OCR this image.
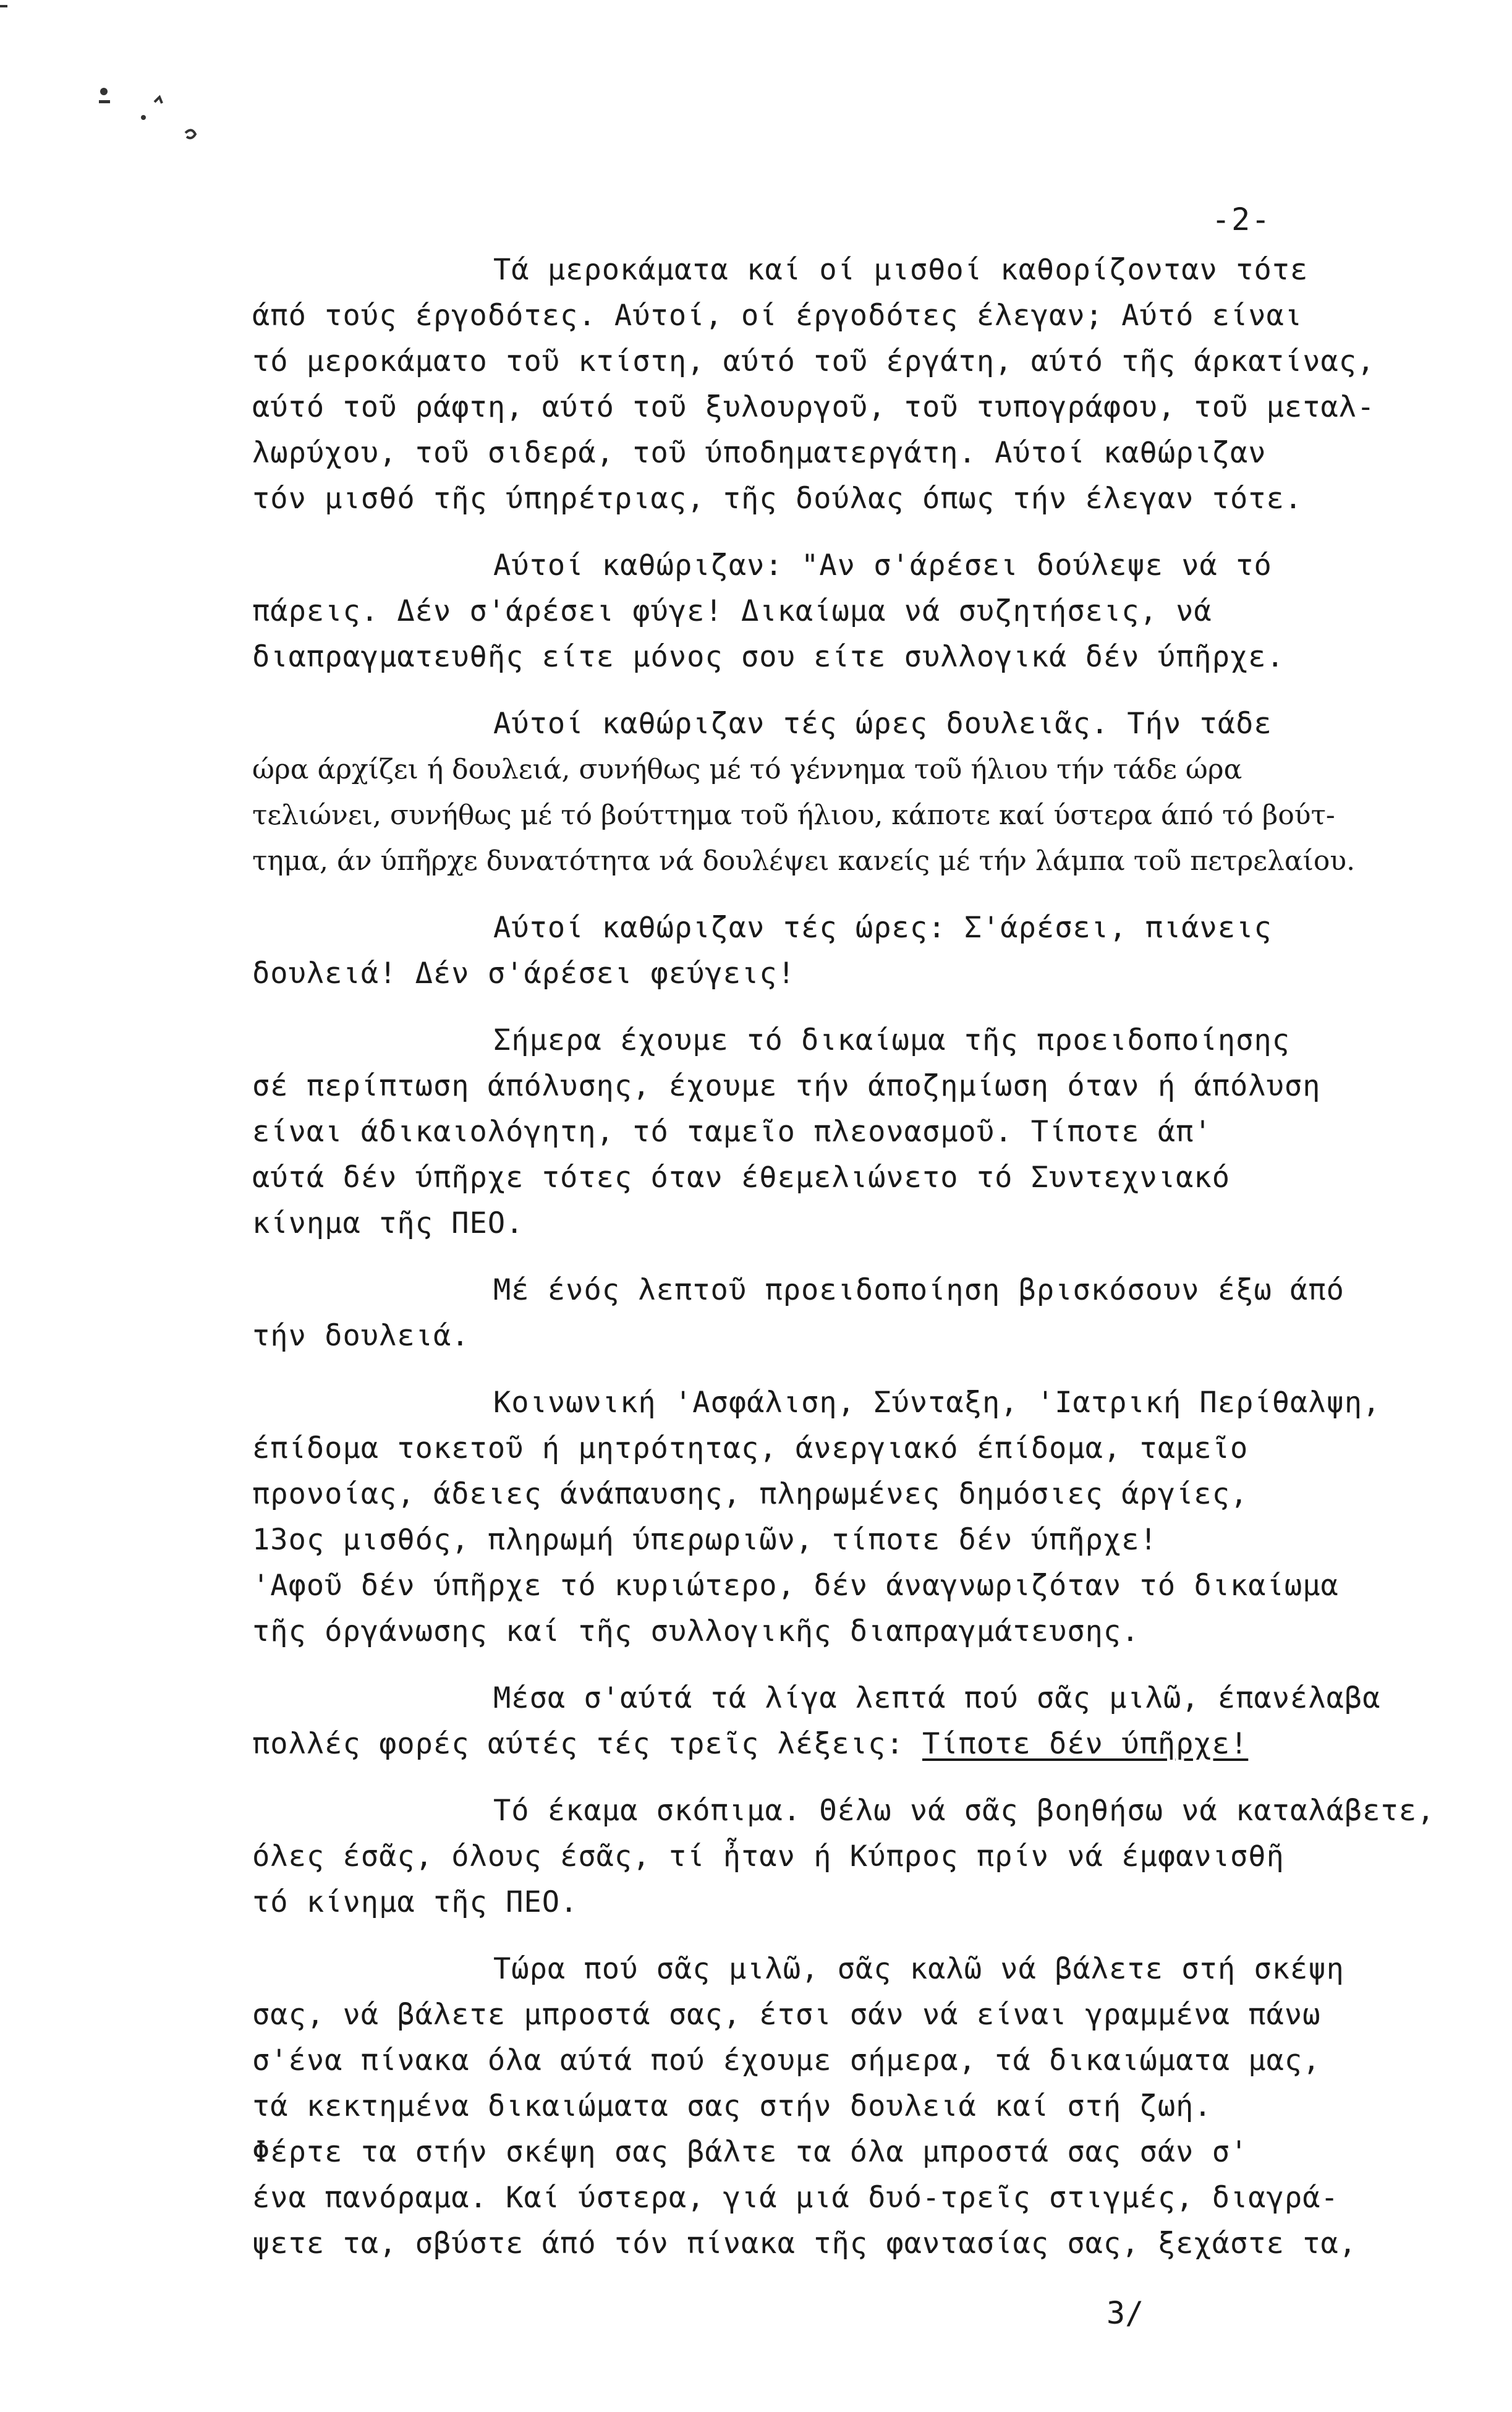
-2-
Τά μεροκάματα καί οί μισθοί καθορίζονταν τότε
άπό τούς έργοδότες. Αύτοί, οί έργοδότες έλεγαν; Αύτό είναι
τό μεροκάματο τοῦ κτίστη, αύτό τοῦ έργάτη, αύτό τῆς άρκατίνας,
αύτό τοῦ ράφτη, αύτό τοῦ ξυλουργοῦ, τοῦ τυπογράφου, τοῦ μεταλ-
λωρύχου, τοῦ σιδερά, τοῦ ύποδηματεργάτη. Αύτοί καθώριζαν
τόν μισθό τῆς ύπηρέτριας, τῆς δούλας όπως τήν έλεγαν τότε.
Αύτοί καθώριζαν: "Αν σ'άρέσει δούλεψε νά τό
πάρεις. Δέν σ'άρέσει φύγε! Δικαίωμα νά συζητήσεις, νά
διαπραγματευθῆς είτε μόνος σου είτε συλλογικά δέν ύπῆρχε.
Αύτοί καθώριζαν τές ώρες δουλειᾶς. Τήν τάδε
ώρα άρχίζει ή δουλειά, συνήθως μέ τό γέννημα τοῦ ήλιου τήν τάδε ώρα
τελιώνει, συνήθως μέ τό βούττημα τοῦ ήλιου, κάποτε καί ύστερα άπό τό βούτ-
τημα, άν ύπῆρχε δυνατότητα νά δουλέψει κανείς μέ τήν λάμπα τοῦ πετρελαίου.
Αύτοί καθώριζαν τές ώρες: Σ'άρέσει, πιάνεις
δουλειά! Δέν σ'άρέσει φεύγεις!
Σήμερα έχουμε τό δικαίωμα τῆς προειδοποίησης
σέ περίπτωση άπόλυσης, έχουμε τήν άποζημίωση όταν ή άπόλυση
είναι άδικαιολόγητη, τό ταμεῖο πλεονασμοῦ. Τίποτε άπ'
αύτά δέν ύπῆρχε τότες όταν έθεμελιώνετο τό Συντεχνιακό
κίνημα τῆς ΠΕΟ.
Μέ ένός λεπτοῦ προειδοποίηση βρισκόσουν έξω άπό
τήν δουλειά.
Κοινωνική 'Ασφάλιση, Σύνταξη, 'Ιατρική Περίθαλψη,
έπίδομα τοκετοῦ ή μητρότητας, άνεργιακό έπίδομα, ταμεῖο
προνοίας, άδειες άνάπαυσης, πληρωμένες δημόσιες άργίες,
13ος μισθός, πληρωμή ύπερωριῶν, τίποτε δέν ύπῆρχε!
'Αφοῦ δέν ύπῆρχε τό κυριώτερο, δέν άναγνωριζόταν τό δικαίωμα
τῆς όργάνωσης καί τῆς συλλογικῆς διαπραγμάτευσης.
Μέσα σ'αύτά τά λίγα λεπτά πού σᾶς μιλῶ, έπανέλαβα
πολλές φορές αύτές τές τρεῖς λέξεις: Τίποτε δέν ύπῆρχε!
Τό έκαμα σκόπιμα. Θέλω νά σᾶς βοηθήσω νά καταλάβετε,
όλες έσᾶς, όλους έσᾶς, τί ἦταν ή Κύπρος πρίν νά έμφανισθῆ
τό κίνημα τῆς ΠΕΟ.
Τώρα πού σᾶς μιλῶ, σᾶς καλῶ νά βάλετε στή σκέψη
σας, νά βάλετε μπροστά σας, έτσι σάν νά είναι γραμμένα πάνω
σ'ένα πίνακα όλα αύτά πού έχουμε σήμερα, τά δικαιώματα μας,
τά κεκτημένα δικαιώματα σας στήν δουλειά καί στή ζωή.
Φέρτε τα στήν σκέψη σας βάλτε τα όλα μπροστά σας σάν σ'
ένα πανόραμα. Καί ύστερα, γιά μιά δυό-τρεῖς στιγμές, διαγρά-
ψετε τα, σβύστε άπό τόν πίνακα τῆς φαντασίας σας, ξεχάστε τα,
3/
